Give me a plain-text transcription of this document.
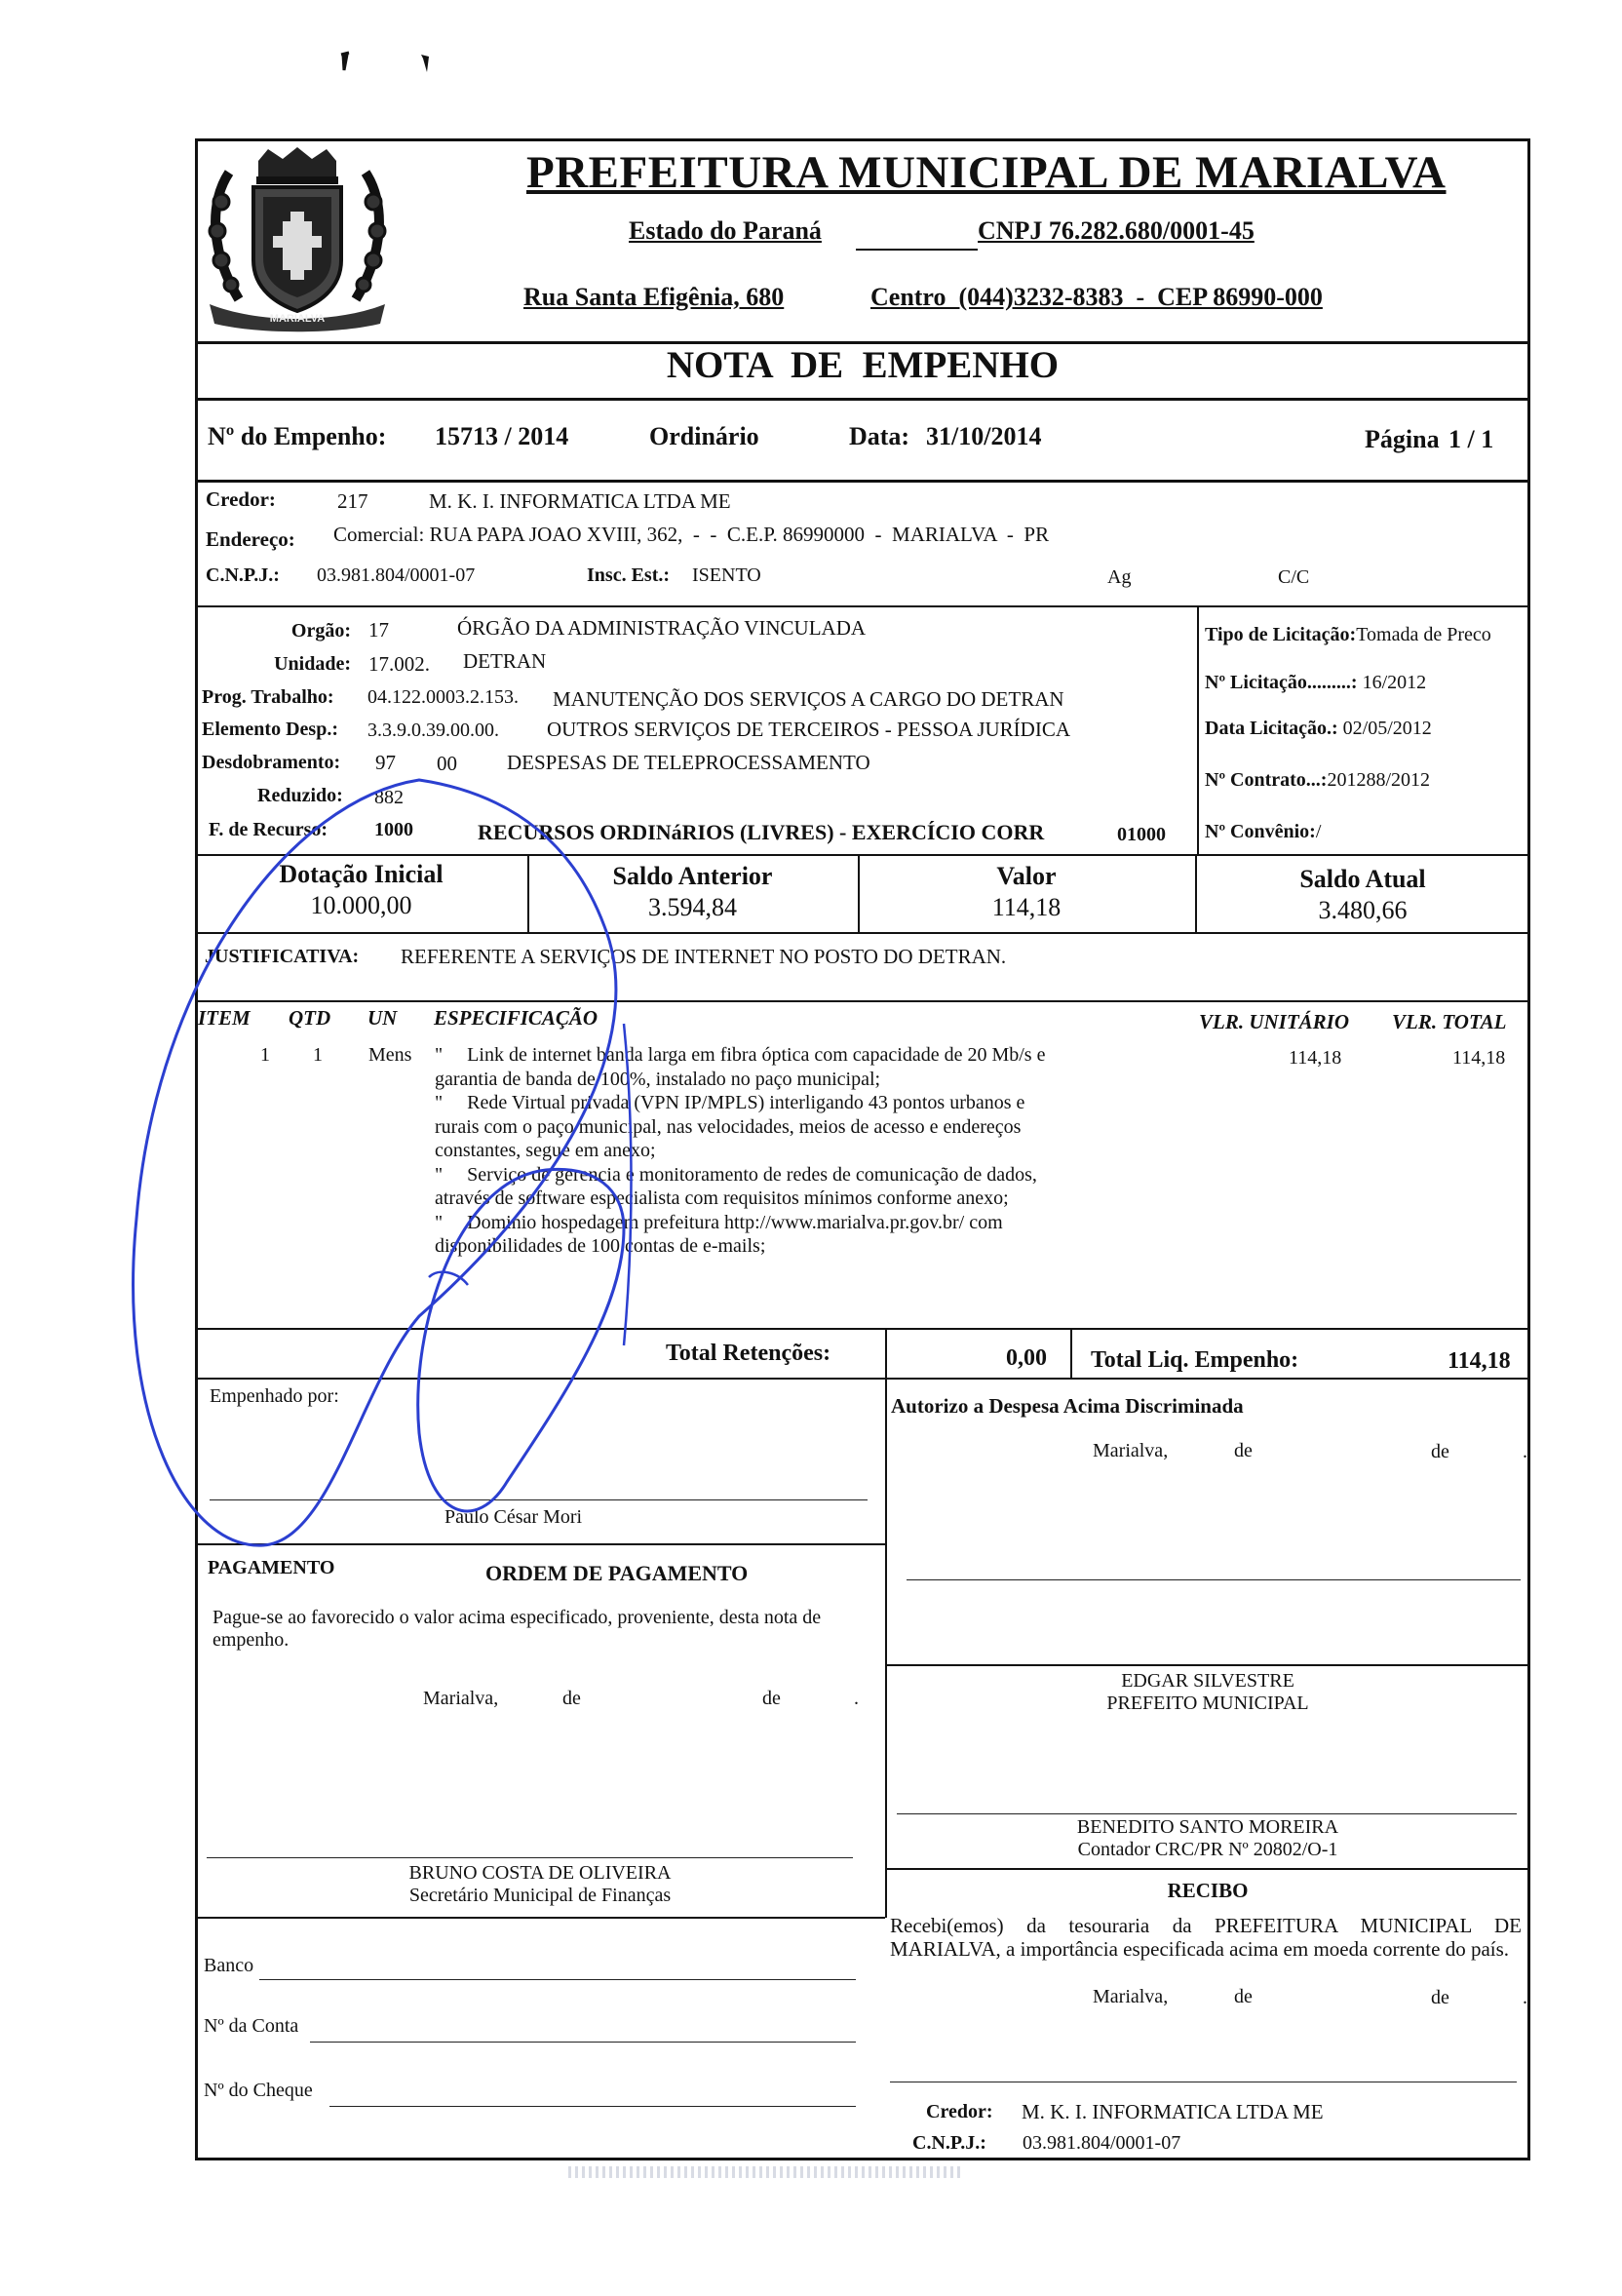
MARIALVA
PREFEITURA MUNICIPAL DE MARIALVA
Estado do Paraná	CNPJ 76.282.680/0001-45
Rua Santa Efigênia, 680	Centro  (044)3232-8383  -  CEP 86990-000
NOTA  DE  EMPENHO
Nº do Empenho: 15713 / 2014	Ordinário	Data: 31/10/2014	Página 1 / 1
Credor:	217	M. K. I. INFORMATICA LTDA ME
Endereço: Comercial: RUA PAPA JOAO XVIII, 362,  -  -  C.E.P. 86990000  -  MARIALVA  -  PR
C.N.P.J.: 03.981.804/0001-07	Insc. Est.: ISENTO	Ag	C/C
Orgão: 17	ÓRGÃO DA ADMINISTRAÇÃO VINCULADA
Unidade: 17.002. DETRAN
Prog. Trabalho: 04.122.0003.2.153. MANUTENÇÃO DOS SERVIÇOS A CARGO DO DETRAN
Elemento Desp.: 3.3.9.0.39.00.00. OUTROS SERVIÇOS DE TERCEIROS - PESSOA JURÍDICA
Desdobramento: 97 00 DESPESAS DE TELEPROCESSAMENTO
Reduzido: 882
F. de Recurso: 1000	RECURSOS ORDINáRIOS (LIVRES) - EXERCÍCIO CORR	01000
Tipo de Licitação:Tomada de Preco
Nº Licitação.........: 16/2012
Data Licitação.: 02/05/2012
Nº Contrato...:201288/2012
Nº Convênio:/
Dotação Inicial
10.000,00
Saldo Anterior
3.594,84
Valor
114,18
Saldo Atual
3.480,66
JUSTIFICATIVA: REFERENTE A SERVIÇOS DE INTERNET NO POSTO DO DETRAN.
ITEM QTD UN ESPECIFICAÇÃO	VLR. UNITÁRIO VLR. TOTAL
1 1 Mens	114,18	114,18
"     Link de internet banda larga em fibra óptica com capacidade de 20 Mb/s e
garantia de banda de 100%, instalado no paço municipal;
"     Rede Virtual privada (VPN IP/MPLS) interligando 43 pontos urbanos e
rurais com o paço municipal, nas velocidades, meios de acesso e endereços
constantes, segue em anexo;
"     Serviço de gerencia e monitoramento de redes de comunicação de dados,
através de software especialista com requisitos mínimos conforme anexo;
"     Dominio hospedagem prefeitura http://www.marialva.pr.gov.br/ com
disponibilidades de 100 contas de e-mails;
Total Retenções:	0,00 Total Liq. Empenho:	114,18
Empenhado por:
Paulo César Mori
Autorizo a Despesa Acima Discriminada
Marialva,	de	de	.
PAGAMENTO	ORDEM DE PAGAMENTO
Pague-se ao favorecido o valor acima especificado, proveniente, desta nota de empenho.
Marialva,	de	de	.
EDGAR SILVESTRE
PREFEITO MUNICIPAL
BENEDITO SANTO MOREIRA
Contador CRC/PR Nº 20802/O-1
BRUNO COSTA DE OLIVEIRA
Secretário Municipal de Finanças	RECIBO
Recebi(emos) da tesouraria da PREFEITURA MUNICIPAL DE MARIALVA, a importância especificada acima em moeda corrente do país.
Marialva,	de	de	.
Banco
Nº da Conta
Nº do Cheque
Credor: M. K. I. INFORMATICA LTDA ME
C.N.P.J.: 03.981.804/0001-07
